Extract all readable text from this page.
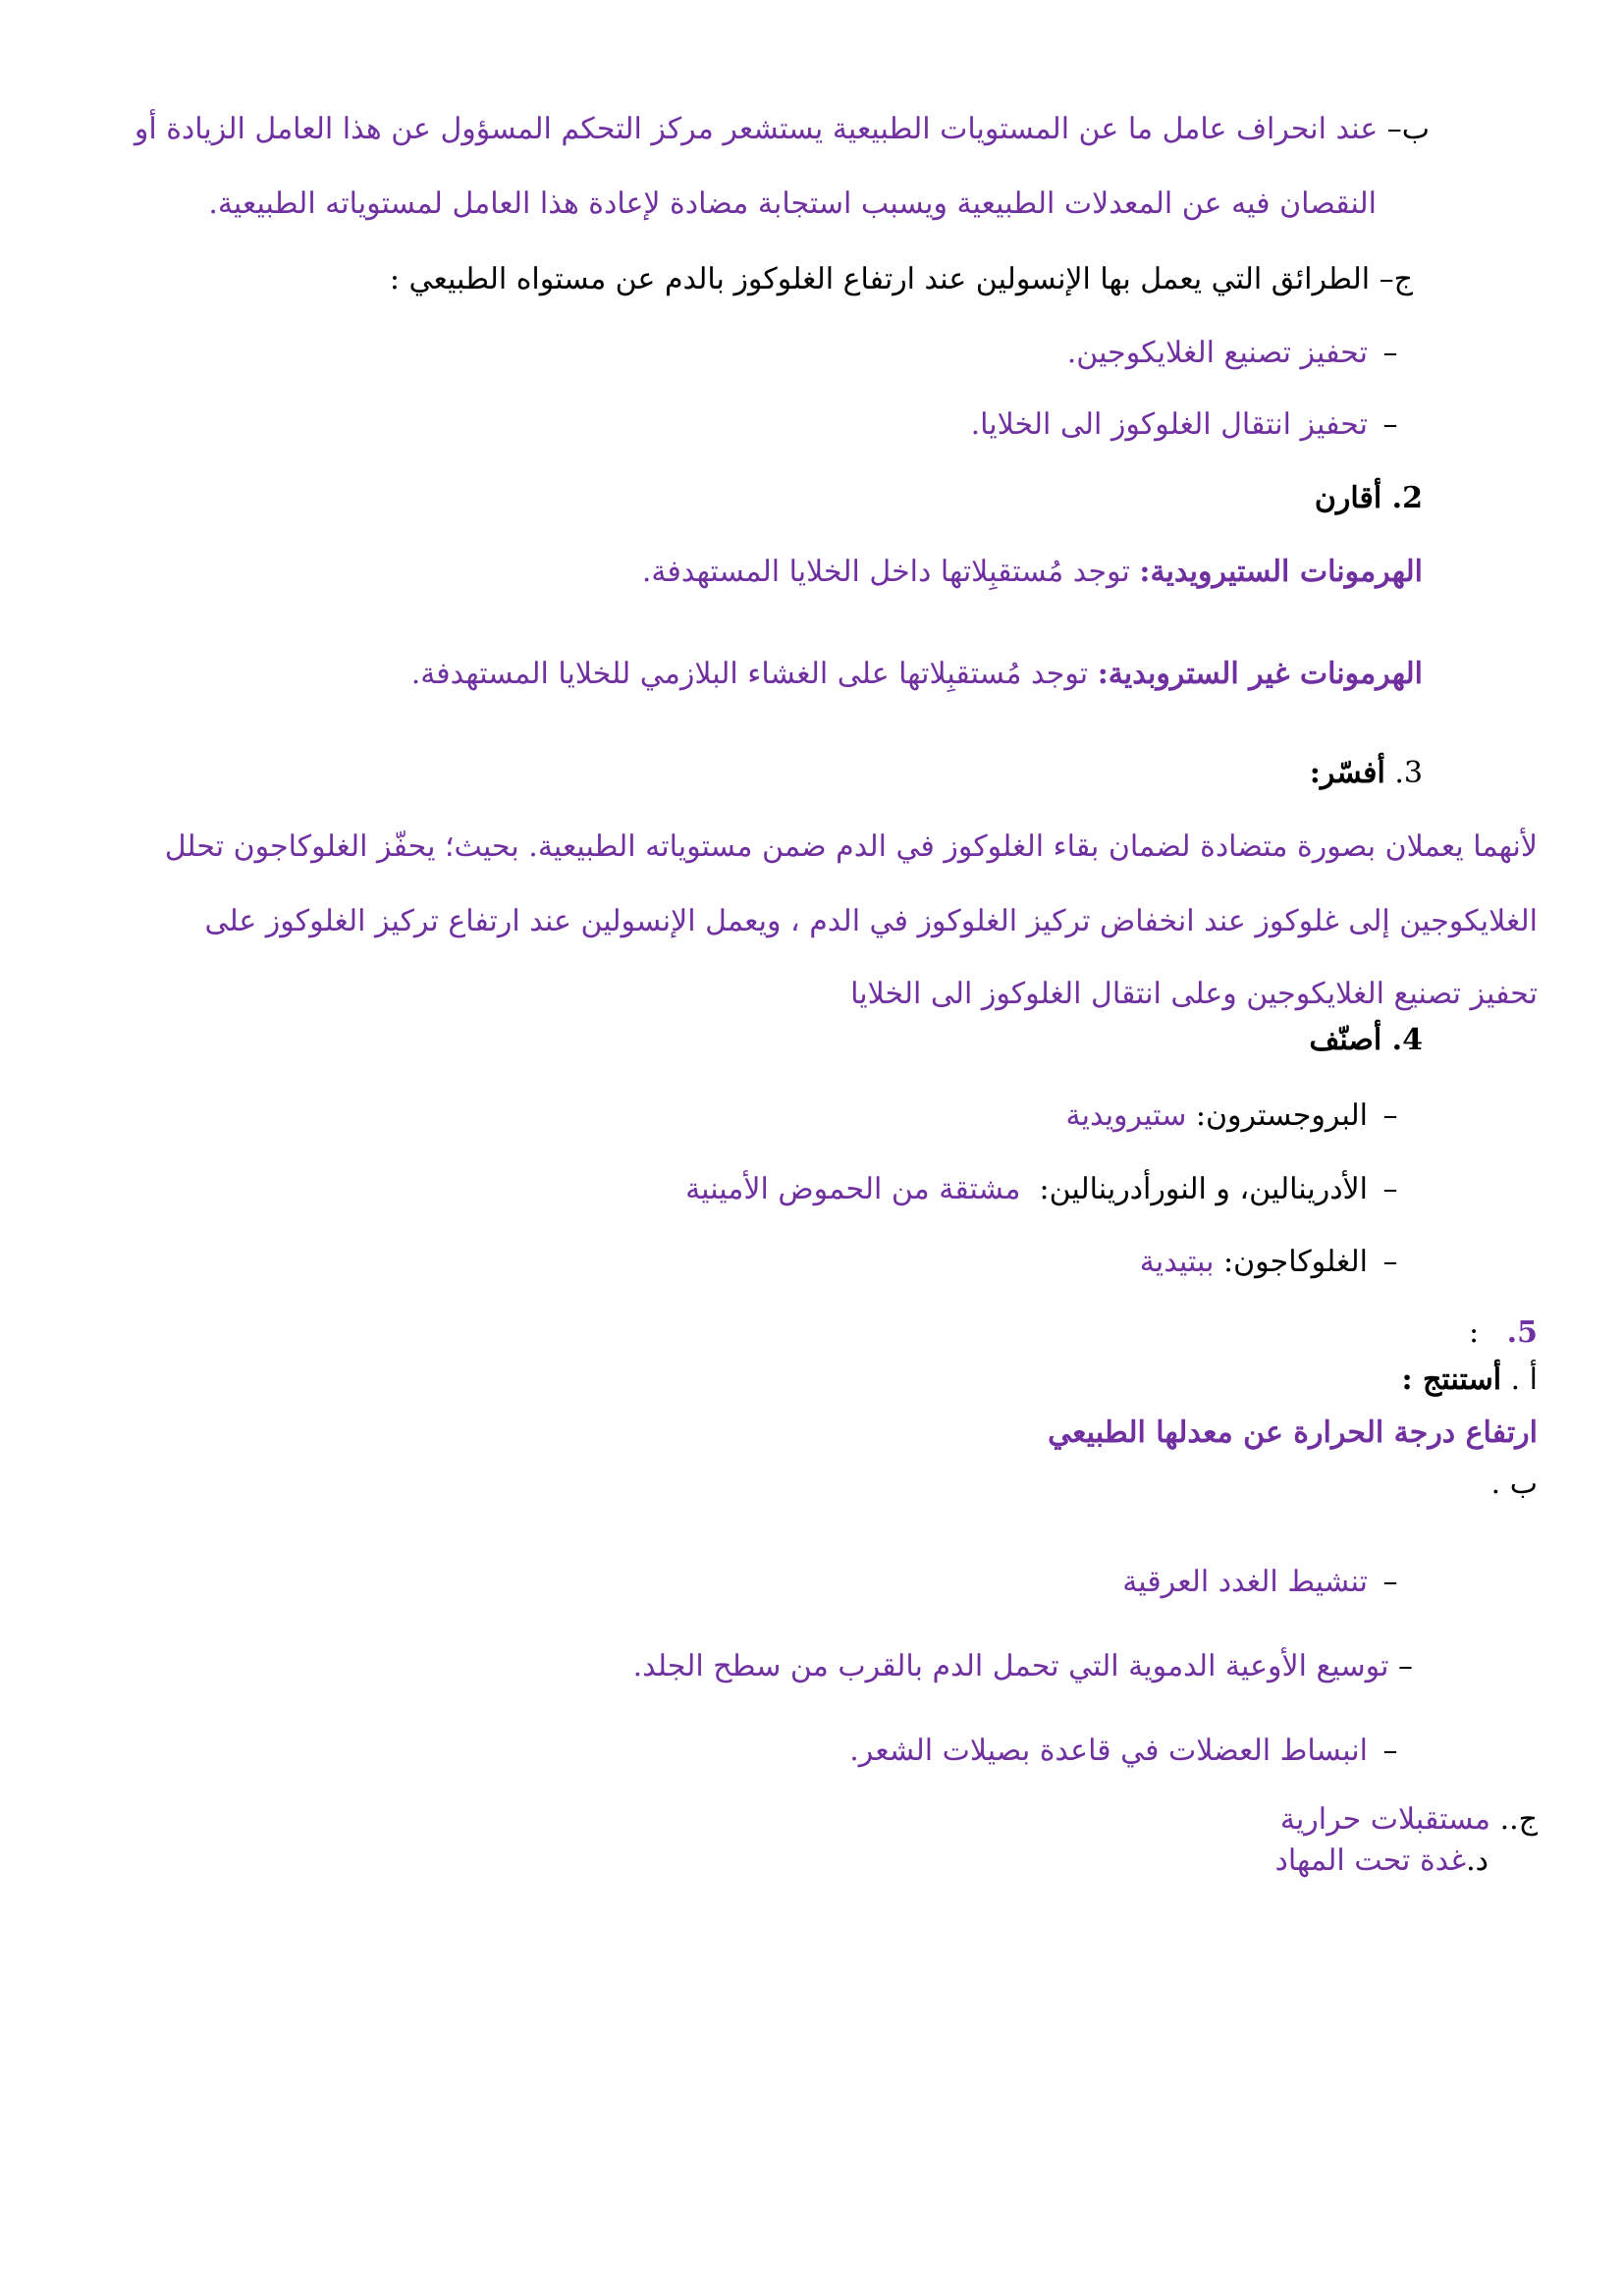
ب– عند انحراف عامل ما عن المستويات الطبيعية يستشعر مركز التحكم المسؤول عن هذا العامل الزيادة أو
النقصان فيه عن المعدلات الطبيعية ويسبب استجابة مضادة لإعادة هذا العامل لمستوياته الطبيعية.
ج– الطرائق التي يعمل بها الإنسولين عند ارتفاع الغلوكوز بالدم عن مستواه الطبيعي :
–تحفيز تصنيع الغلايكوجين.
–تحفيز انتقال الغلوكوز الى الخلايا.
2. أقارن
الهرمونات الستيرويدية: توجد مُستقبِلاتها داخل الخلايا المستهدفة.
الهرمونات غير الستروبدية: توجد مُستقبِلاتها على الغشاء البلازمي للخلايا المستهدفة.
3. أفسّر:
لأنهما يعملان بصورة متضادة لضمان بقاء الغلوكوز في الدم ضمن مستوياته الطبيعية. بحيث؛ يحفّز الغلوكاجون تحلل
الغلايكوجين إلى غلوكوز عند انخفاض تركيز الغلوكوز في الدم ، ويعمل الإنسولين عند ارتفاع تركيز الغلوكوز على
تحفيز تصنيع الغلايكوجين وعلى انتقال الغلوكوز الى الخلايا
4. أصنّف
–البروجسترون: ستيرويدية
–الأدرينالين، و النورأدرينالين:  مشتقة من الحموض الأمينية
–الغلوكاجون: ببتيدية
5.   :
أ . أستنتج :
ارتفاع درجة الحرارة عن معدلها الطبيعي
ب .
–تنشيط الغدد العرقية
– توسيع الأوعية الدموية التي تحمل الدم بالقرب من سطح الجلد.
–انبساط العضلات في قاعدة بصيلات الشعر.
ج.. مستقبلات حرارية
د.غدة تحت المهاد
